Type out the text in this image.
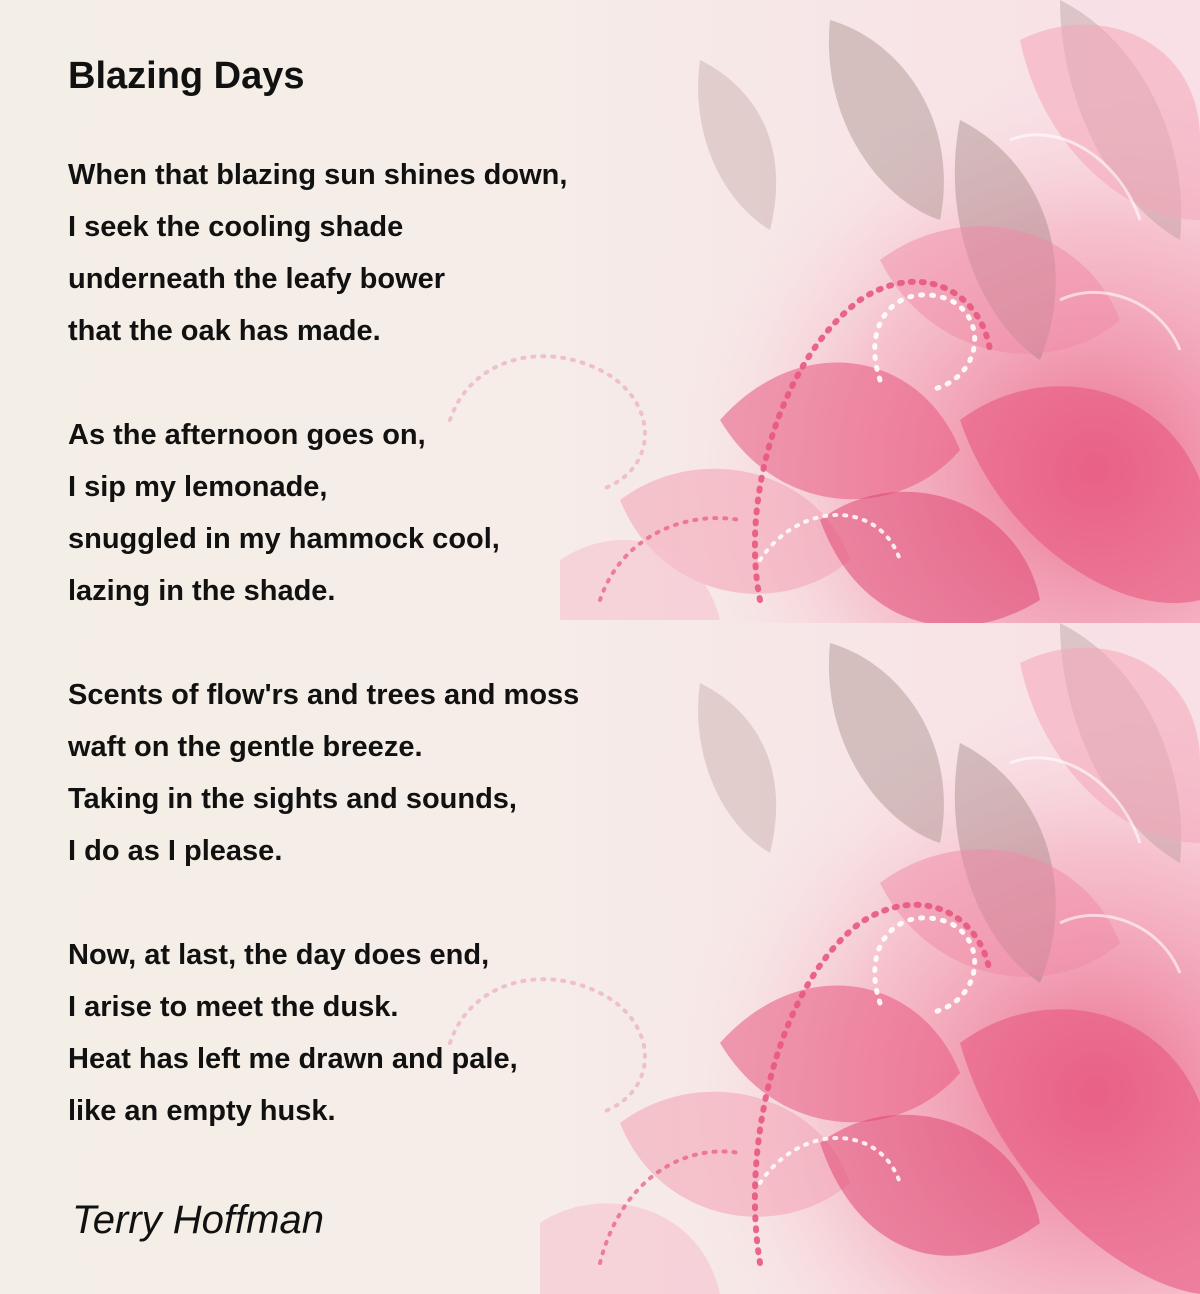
Blazing Days
When that blazing sun shines down,
I seek the cooling shade
underneath the leafy bower
that the oak has made.
As the afternoon goes on,
I sip my lemonade,
snuggled in my hammock cool,
lazing in the shade.
Scents of flow'rs and trees and moss
waft on the gentle breeze.
Taking in the sights and sounds,
I do as I please.
Now, at last, the day does end,
I arise to meet the dusk.
Heat has left me drawn and pale,
like an empty husk.

Terry Hoffman
